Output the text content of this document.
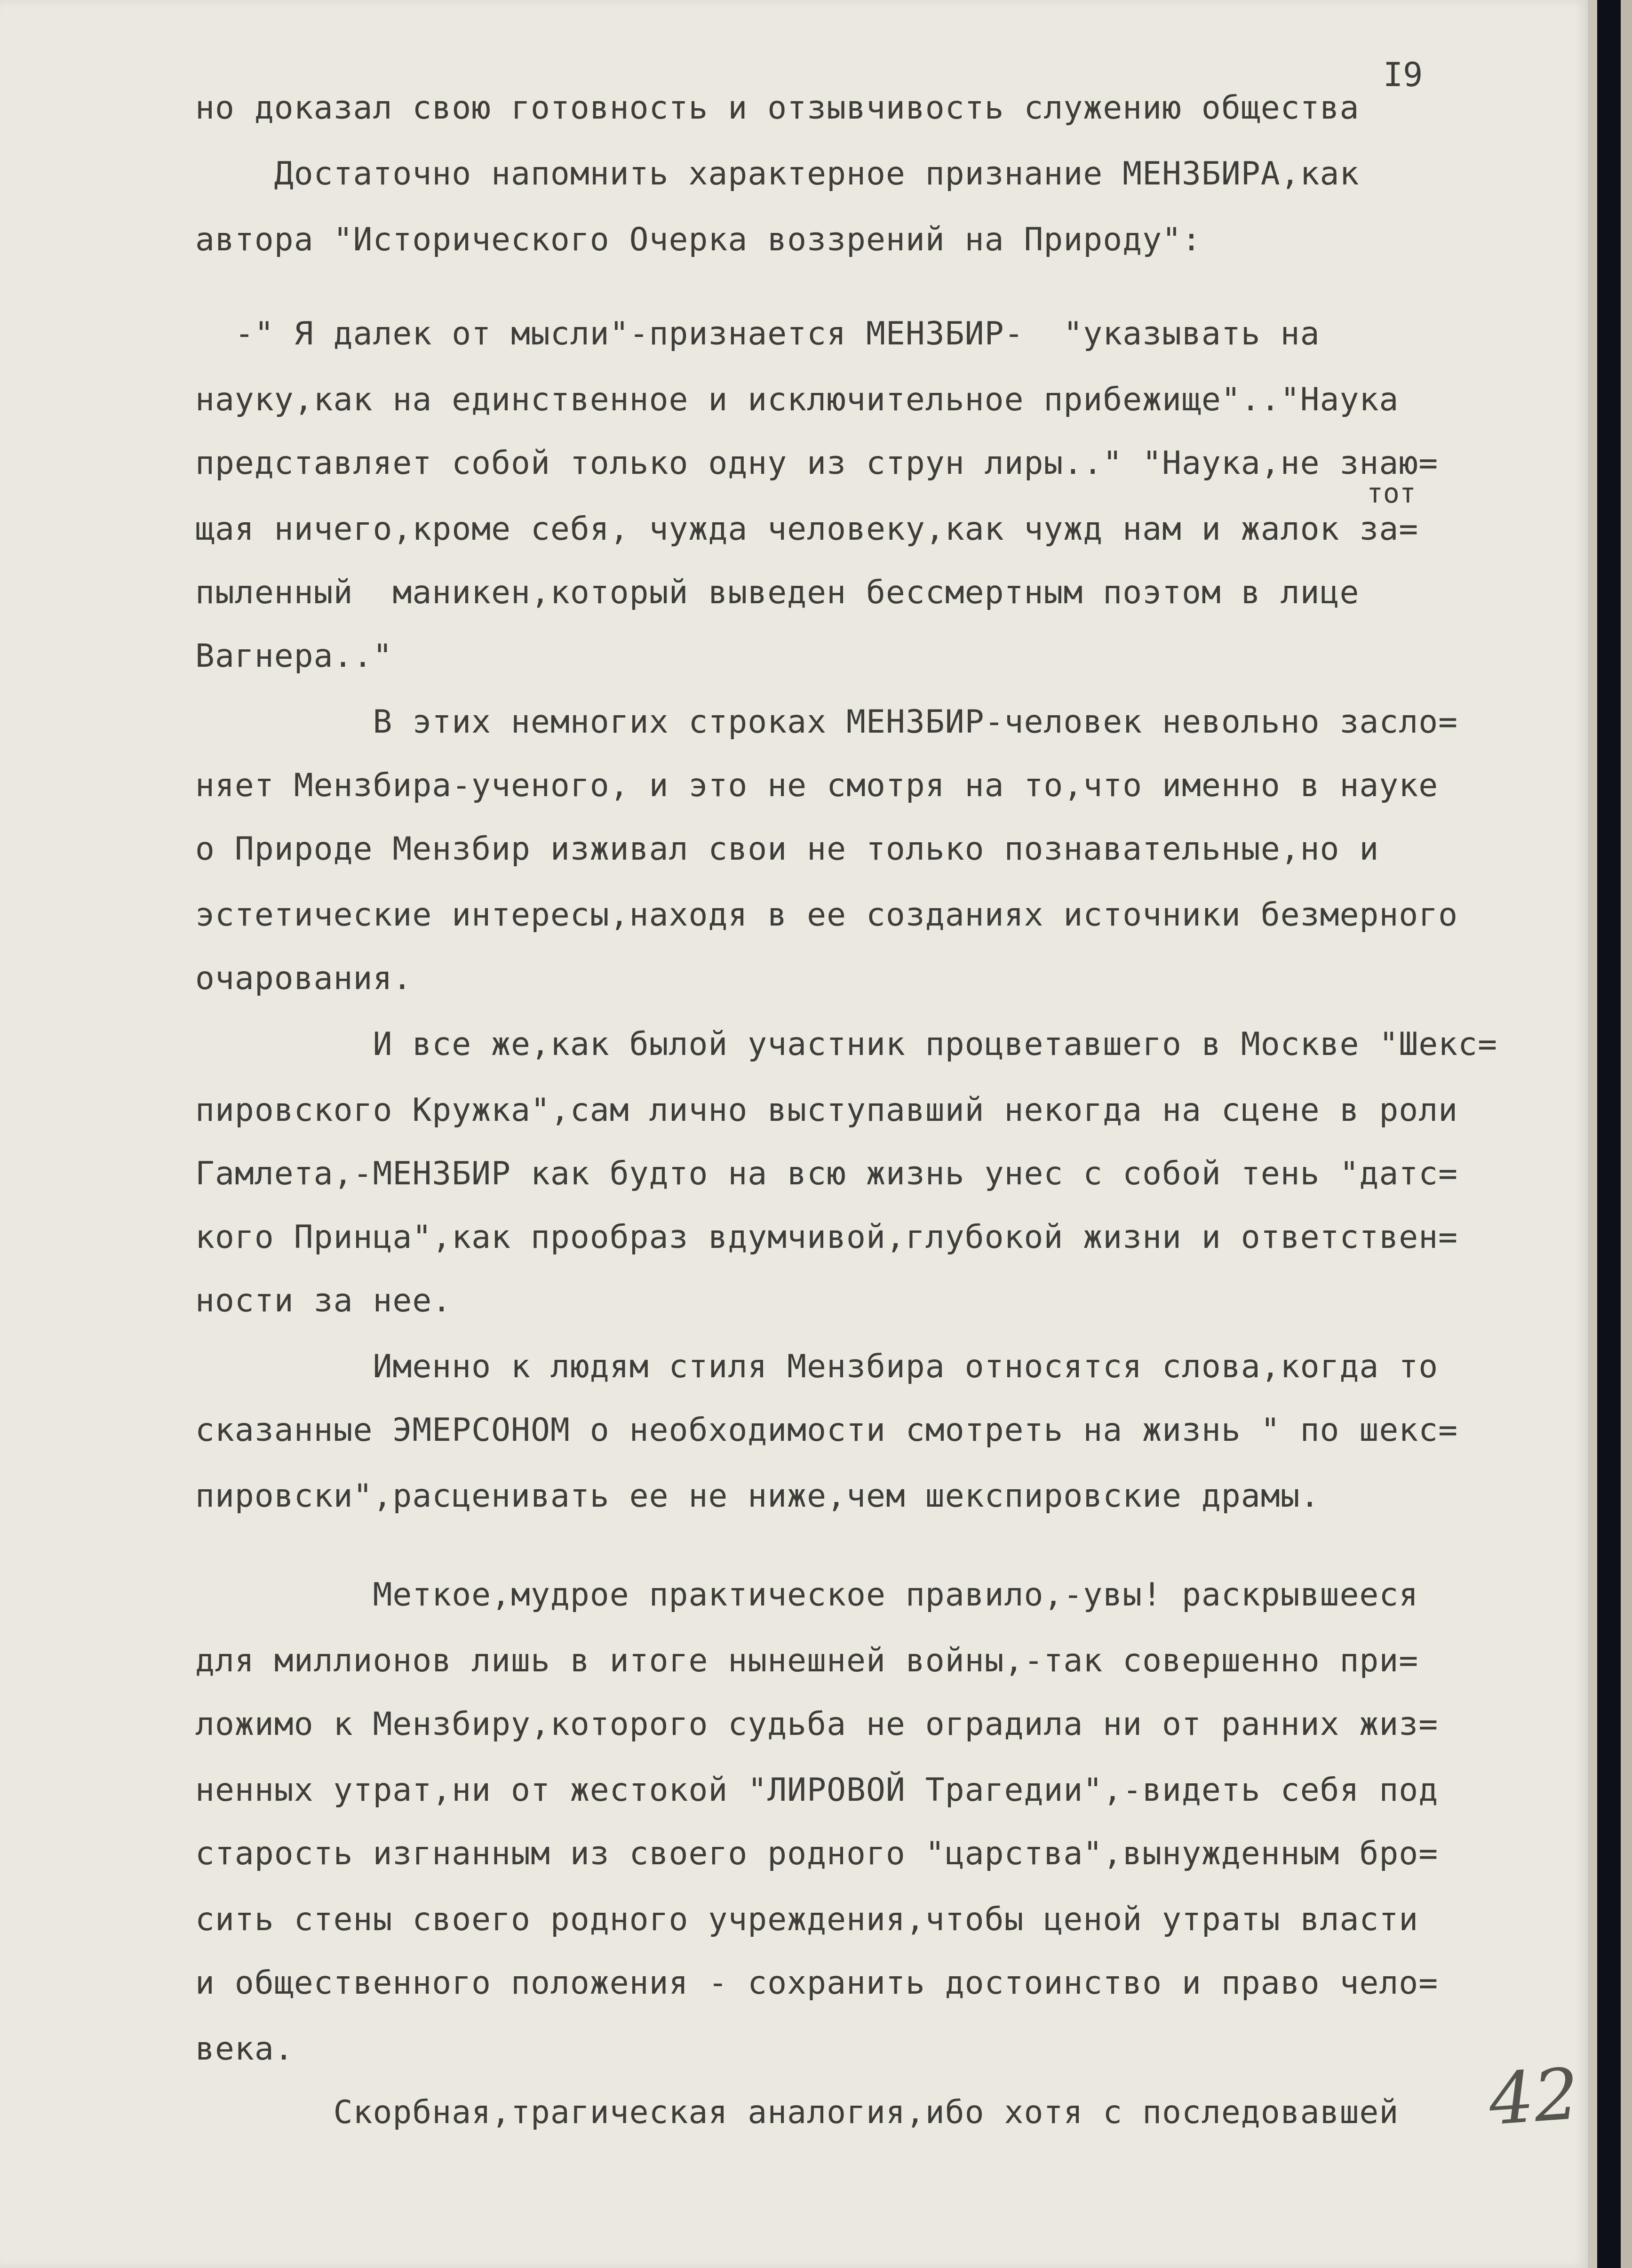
I9
тот
но доказал свою готовность и отзывчивость служению общества
Достаточно напомнить характерное признание МЕНЗБИРА,как
автора "Исторического Очерка воззрений на Природу":
-" Я далек от мысли"-признается МЕНЗБИР-  "указывать на
науку,как на единственное и исключительное прибежище".."Наука
представляет собой только одну из струн лиры.." "Наука,не знаю=
щая ничего,кроме себя, чужда человеку,как чужд нам и жалок за=
пыленный  маникен,который выведен бессмертным поэтом в лице
Вагнера.."
В этих немногих строках МЕНЗБИР-человек невольно заслo=
няет Мензбира-ученого, и это не смотря на то,что именно в науке
о Природе Мензбир изживал свои не только познавательные,но и
эстетические интересы,находя в ее созданиях источники безмерного
очарования.
И все же,как былой участник процветавшего в Москве "Шекс=
пировского Кружка",сам лично выступавший некогда на сцене в роли
Гамлета,-МЕНЗБИР как будто на всю жизнь унес с собой тень "датс=
кого Принца",как прообраз вдумчивой,глубокой жизни и ответствен=
ности за нее.
Именно к людям стиля Мензбира относятся слова,когда то
сказанные ЭМЕРСОНОМ о необходимости смотреть на жизнь " по шекс=
пировски",расценивать ее не ниже,чем шекспировские драмы.
Меткое,мудрое практическое правило,-увы! раскрывшееся
для миллионов лишь в итоге нынешней войны,-так совершенно при=
ложимо к Мензбиру,которого судьба не оградила ни от ранних жиз=
ненных утрат,ни от жестокой "ЛИРОВОЙ Трагедии",-видеть себя под
старость изгнанным из своего родного "царства",вынужденным бро=
сить стены своего родного учреждения,чтобы ценой утраты власти
и общественного положения - сохранить достоинство и право чело=
века.
Скорбная,трагическая аналогия,ибо хотя с последовавшей 42
